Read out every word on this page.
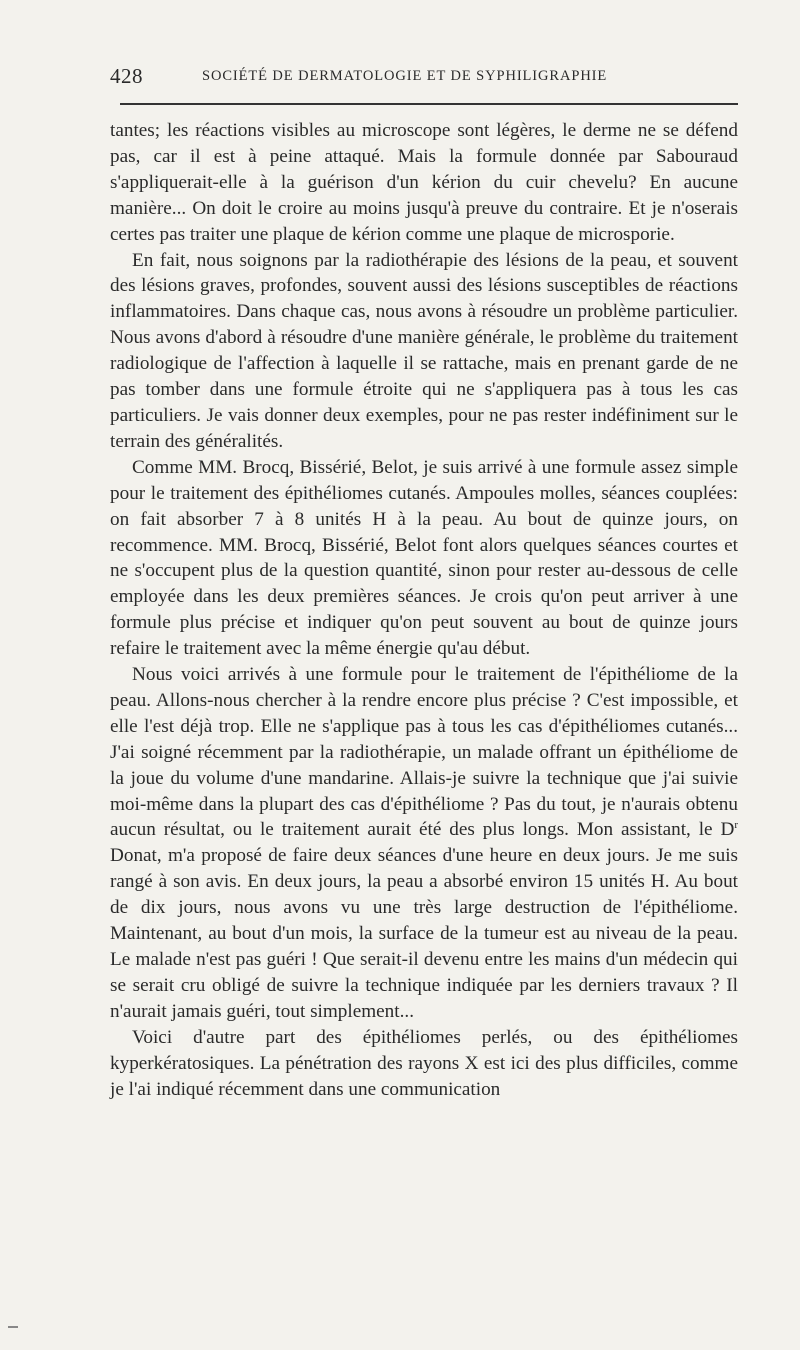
428	SOCIÉTÉ DE DERMATOLOGIE ET DE SYPHILIGRAPHIE

tantes; les réactions visibles au microscope sont légères, le derme ne se défend pas, car il est à peine attaqué. Mais la formule donnée par Sabouraud s'appliquerait-elle à la guérison d'un kérion du cuir chevelu? En aucune manière... On doit le croire au moins jusqu'à preuve du contraire. Et je n'oserais certes pas traiter une plaque de kérion comme une plaque de microsporie.

En fait, nous soignons par la radiothérapie des lésions de la peau, et souvent des lésions graves, profondes, souvent aussi des lésions susceptibles de réactions inflammatoires. Dans chaque cas, nous avons à résoudre un problème particulier. Nous avons d'abord à résoudre d'une manière générale, le problème du traitement radiologique de l'affection à laquelle il se rattache, mais en prenant garde de ne pas tomber dans une formule étroite qui ne s'appliquera pas à tous les cas particuliers. Je vais donner deux exemples, pour ne pas rester indéfiniment sur le terrain des généralités.

Comme MM. Brocq, Bissérié, Belot, je suis arrivé à une formule assez simple pour le traitement des épithéliomes cutanés. Ampoules molles, séances couplées: on fait absorber 7 à 8 unités H à la peau. Au bout de quinze jours, on recommence. MM. Brocq, Bissérié, Belot font alors quelques séances courtes et ne s'occupent plus de la question quantité, sinon pour rester au-dessous de celle employée dans les deux premières séances. Je crois qu'on peut arriver à une formule plus précise et indiquer qu'on peut souvent au bout de quinze jours refaire le traitement avec la même énergie qu'au début.

Nous voici arrivés à une formule pour le traitement de l'épithéliome de la peau. Allons-nous chercher à la rendre encore plus précise ? C'est impossible, et elle l'est déjà trop. Elle ne s'applique pas à tous les cas d'épithéliomes cutanés... J'ai soigné récemment par la radiothérapie, un malade offrant un épithéliome de la joue du volume d'une mandarine. Allais-je suivre la technique que j'ai suivie moi-même dans la plupart des cas d'épithéliome ? Pas du tout, je n'aurais obtenu aucun résultat, ou le traitement aurait été des plus longs. Mon assistant, le $D^r$ Donat, m'a proposé de faire deux séances d'une heure en deux jours. Je me suis rangé à son avis. En deux jours, la peau a absorbé environ 15 unités H. Au bout de dix jours, nous avons vu une très large destruction de l'épithéliome. Maintenant, au bout d'un mois, la surface de la tumeur est au niveau de la peau. Le malade n'est pas guéri ! Que serait-il devenu entre les mains d'un médecin qui se serait cru obligé de suivre la technique indiquée par les derniers travaux ? Il n'aurait jamais guéri, tout simplement...

Voici d'autre part des épithéliomes perlés, ou des épithéliomes kyperkératosiques. La pénétration des rayons X est ici des plus difficiles, comme je l'ai indiqué récemment dans une communication
